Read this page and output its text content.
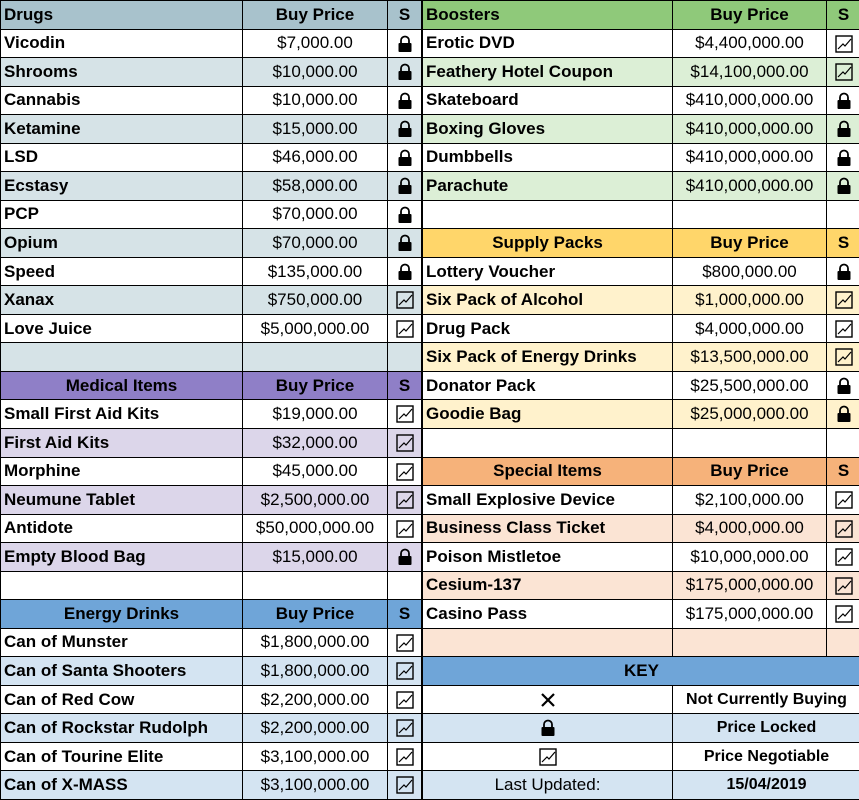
Drugs	Buy Price	S
Vicodin	$7,000.00	

Shrooms	$10,000.00	

Cannabis	$10,000.00	

Ketamine	$15,000.00	

LSD	$46,000.00	

Ecstasy	$58,000.00	

PCP	$70,000.00	

Opium	$70,000.00	

Speed	$135,000.00	

Xanax	$750,000.00	

Love Juice	$5,000,000.00	

Medical Items	Buy Price	S
Small First Aid Kits	$19,000.00	

First Aid Kits	$32,000.00	

Morphine	$45,000.00	

Neumune Tablet	$2,500,000.00	

Antidote	$50,000,000.00	

Empty Blood Bag	$15,000.00	

Energy Drinks	Buy Price	S
Can of Munster	$1,800,000.00	

Can of Santa Shooters	$1,800,000.00	

Can of Red Cow	$2,200,000.00	

Can of Rockstar Rudolph	$2,200,000.00	

Can of Tourine Elite	$3,100,000.00	

Can of X-MASS	$3,100,000.00	
Boosters	Buy Price	S
Erotic DVD	$4,400,000.00	

Feathery Hotel Coupon	$14,100,000.00	

Skateboard	$410,000,000.00	

Boxing Gloves	$410,000,000.00	

Dumbbells	$410,000,000.00	

Parachute	$410,000,000.00	

Supply Packs	Buy Price	S
Lottery Voucher	$800,000.00	

Six Pack of Alcohol	$1,000,000.00	

Drug Pack	$4,000,000.00	

Six Pack of Energy Drinks	$13,500,000.00	

Donator Pack	$25,500,000.00	

Goodie Bag	$25,000,000.00	

Special Items	Buy Price	S
Small Explosive Device	$2,100,000.00	

Business Class Ticket	$4,000,000.00	

Poison Mistletoe	$10,000,000.00	

Cesium-137	$175,000,000.00	

Casino Pass	$175,000,000.00	

KEY		

	Not Currently Buying	

	Price Locked	

	Price Negotiable	
Last Updated:	15/04/2019	
